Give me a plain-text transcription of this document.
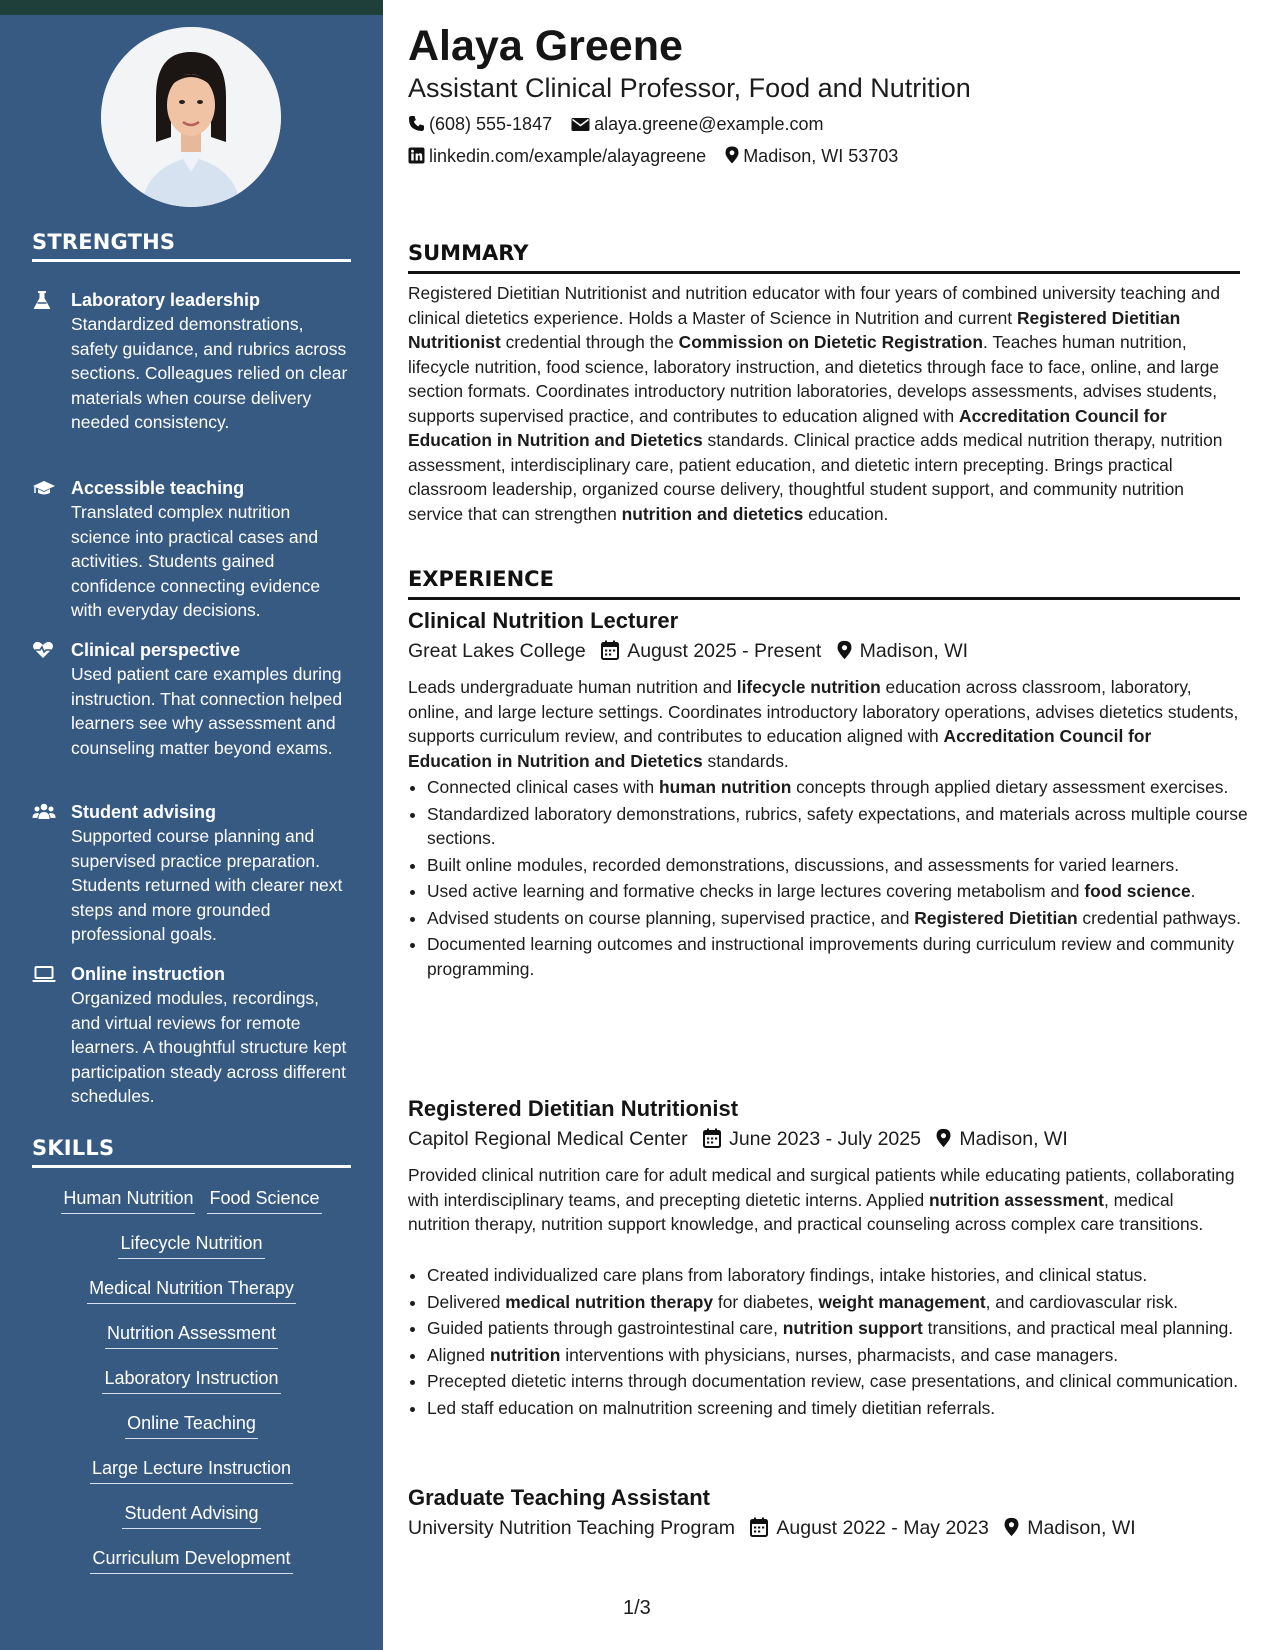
STRENGTHS
Laboratory leadership
Standardized demonstrations, safety guidance, and rubrics across sections. Colleagues relied on clear materials when course delivery needed consistency.
Accessible teaching
Translated complex nutrition science into practical cases and activities. Students gained confidence connecting evidence with everyday decisions.
Clinical perspective
Used patient care examples during instruction. That connection helped learners see why assessment and counseling matter beyond exams.
Student advising
Supported course planning and supervised practice preparation. Students returned with clearer next steps and more grounded professional goals.
Online instruction
Organized modules, recordings, and virtual reviews for remote learners. A thoughtful structure kept participation steady across different schedules.
SKILLS
Human Nutrition Food Science
Lifecycle Nutrition
Medical Nutrition Therapy
Nutrition Assessment
Laboratory Instruction
Online Teaching
Large Lecture Instruction
Student Advising
Curriculum Development
Alaya Greene
Assistant Clinical Professor, Food and Nutrition
(608) 555-1847 alaya.greene@example.com
linkedin.com/example/alayagreene Madison, WI 53703
SUMMARY
Registered Dietitian Nutritionist and nutrition educator with four years of combined university teaching and clinical dietetics experience. Holds a Master of Science in Nutrition and current Registered Dietitian Nutritionist credential through the Commission on Dietetic Registration. Teaches human nutrition, lifecycle nutrition, food science, laboratory instruction, and dietetics through face to face, online, and large section formats. Coordinates introductory nutrition laboratories, develops assessments, advises students, supports supervised practice, and contributes to education aligned with Accreditation Council for Education in Nutrition and Dietetics standards. Clinical practice adds medical nutrition therapy, nutrition assessment, interdisciplinary care, patient education, and dietetic intern precepting. Brings practical classroom leadership, organized course delivery, thoughtful student support, and community nutrition service that can strengthen nutrition and dietetics education.
EXPERIENCE
Clinical Nutrition Lecturer
Great Lakes College August 2025 - Present Madison, WI
Leads undergraduate human nutrition and lifecycle nutrition education across classroom, laboratory, online, and large lecture settings. Coordinates introductory laboratory operations, advises dietetics students, supports curriculum review, and contributes to education aligned with Accreditation Council for Education in Nutrition and Dietetics standards.
• Connected clinical cases with human nutrition concepts through applied dietary assessment exercises.
• Standardized laboratory demonstrations, rubrics, safety expectations, and materials across multiple course sections.
• Built online modules, recorded demonstrations, discussions, and assessments for varied learners.
• Used active learning and formative checks in large lectures covering metabolism and food science.
• Advised students on course planning, supervised practice, and Registered Dietitian credential pathways.
• Documented learning outcomes and instructional improvements during curriculum review and community programming.
Registered Dietitian Nutritionist
Capitol Regional Medical Center June 2023 - July 2025 Madison, WI
Provided clinical nutrition care for adult medical and surgical patients while educating patients, collaborating with interdisciplinary teams, and precepting dietetic interns. Applied nutrition assessment, medical nutrition therapy, nutrition support knowledge, and practical counseling across complex care transitions.
• Created individualized care plans from laboratory findings, intake histories, and clinical status.
• Delivered medical nutrition therapy for diabetes, weight management, and cardiovascular risk.
• Guided patients through gastrointestinal care, nutrition support transitions, and practical meal planning.
• Aligned nutrition interventions with physicians, nurses, pharmacists, and case managers.
• Precepted dietetic interns through documentation review, case presentations, and clinical communication.
• Led staff education on malnutrition screening and timely dietitian referrals.
Graduate Teaching Assistant
University Nutrition Teaching Program August 2022 - May 2023 Madison, WI
1/3
